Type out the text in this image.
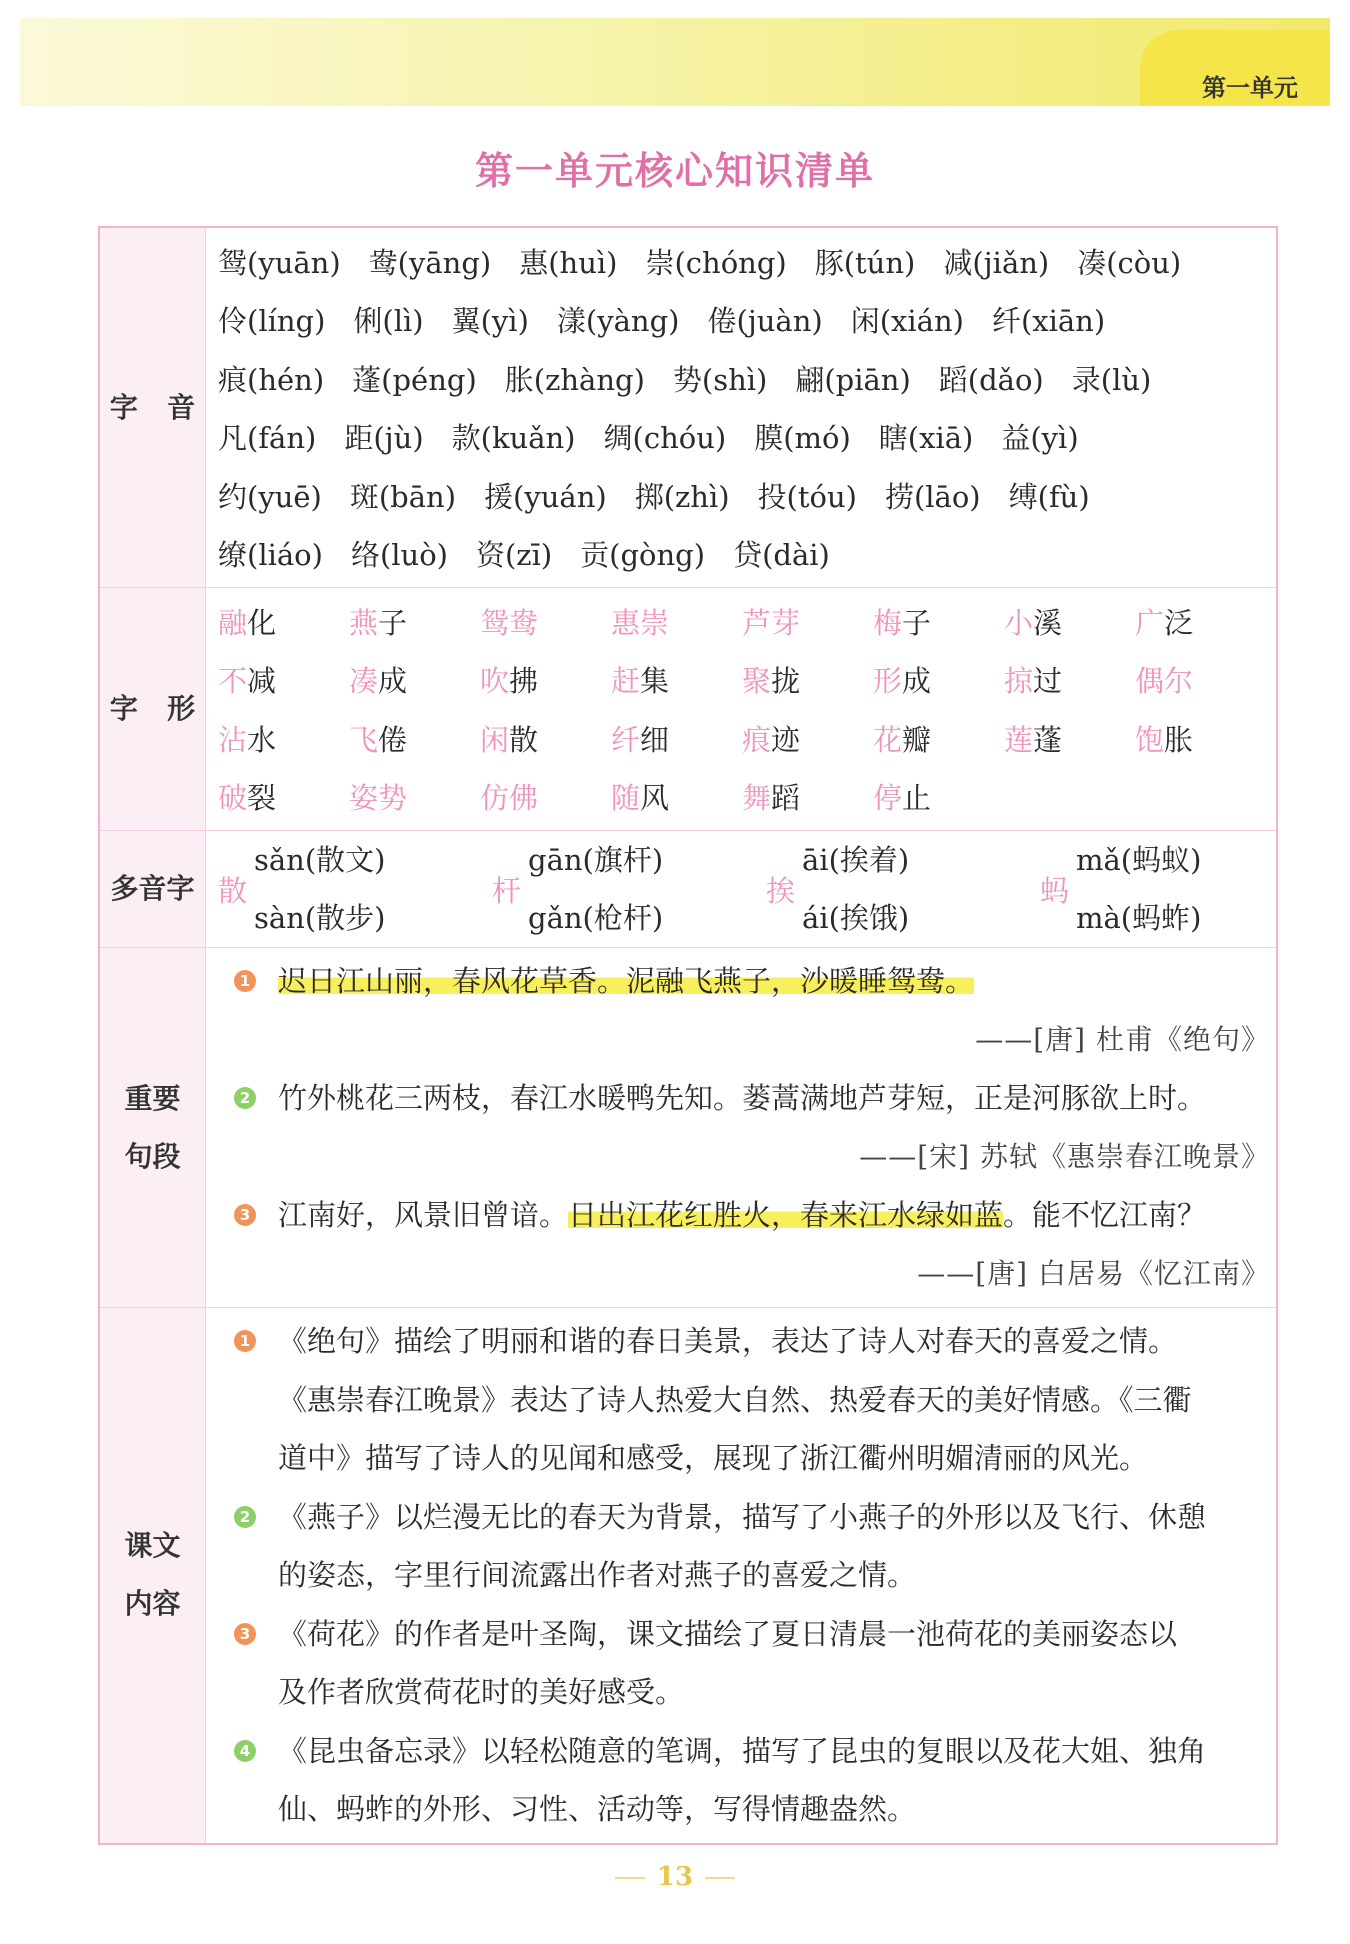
第一单元
第一单元核心知识清单
字
音
鸳(yuān) 鸯(yāng) 惠(huì) 崇(chóng) 豚(tún) 减(jiǎn) 凑(còu)
伶(líng) 俐(lì) 翼(yì) 漾(yàng) 倦(juàn) 闲(xián) 纤(xiān)
痕(hén) 蓬(péng) 胀(zhàng) 势(shì) 翩(piān) 蹈(dǎo) 录(lù)
凡(fán) 距(jù) 款(kuǎn) 绸(chóu) 膜(mó) 瞎(xiā) 益(yì)
约(yuē) 斑(bān) 援(yuán) 掷(zhì) 投(tóu) 捞(lāo) 缚(fù)
缭(liáo) 络(luò) 资(zī) 贡(gòng) 贷(dài)
字
形
融化	燕子	鸳鸯	惠崇	芦芽	梅子	小溪	广泛
不减	凑成	吹拂	赶集	聚拢	形成	掠过	偶尔
沾水	飞倦	闲散	纤细	痕迹	花瓣	莲蓬	饱胀
破裂	姿势	仿佛	随风	舞蹈	停止
多音字 散
sǎn(散文)
sàn(散步)
杆
gān(旗杆)
gǎn(枪杆)
挨
āi(挨着)
ái(挨饿)
蚂
mǎ(蚂蚁)
mà(蚂蚱)
重要
句段
1 迟日江山丽，春风花草香。泥融飞燕子，沙暖睡鸳鸯。
——[唐] 杜甫《绝句》
2 竹外桃花三两枝，春江水暖鸭先知。蒌蒿满地芦芽短，正是河豚欲上时。
——[宋] 苏轼《惠崇春江晚景》
3 江南好，风景旧曾谙。日出江花红胜火，春来江水绿如蓝。能不忆江南？
——[唐] 白居易《忆江南》
课文
内容
1 《绝句》描绘了明丽和谐的春日美景，表达了诗人对春天的喜爱之情。
《惠崇春江晚景》表达了诗人热爱大自然、热爱春天的美好情感。《三衢
道中》描写了诗人的见闻和感受，展现了浙江衢州明媚清丽的风光。
2 《燕子》以烂漫无比的春天为背景，描写了小燕子的外形以及飞行、休憩
的姿态，字里行间流露出作者对燕子的喜爱之情。
3 《荷花》的作者是叶圣陶，课文描绘了夏日清晨一池荷花的美丽姿态以
及作者欣赏荷花时的美好感受。
4 《昆虫备忘录》以轻松随意的笔调，描写了昆虫的复眼以及花大姐、独角
仙、蚂蚱的外形、习性、活动等，写得情趣盎然。
13
